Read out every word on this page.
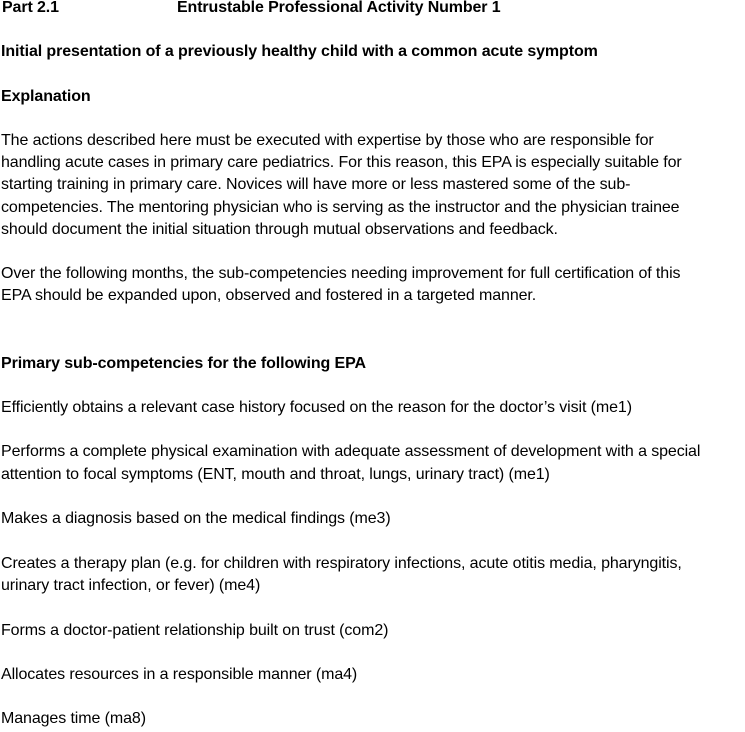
Part 2.1	Entrustable Professional Activity Number 1
Initial presentation of a previously healthy child with a common acute symptom
Explanation
The actions described here must be executed with expertise by those who are responsible for
handling acute cases in primary care pediatrics. For this reason, this EPA is especially suitable for
starting training in primary care. Novices will have more or less mastered some of the sub-
competencies. The mentoring physician who is serving as the instructor and the physician trainee
should document the initial situation through mutual observations and feedback.
Over the following months, the sub-competencies needing improvement for full certification of this
EPA should be expanded upon, observed and fostered in a targeted manner.
Primary sub-competencies for the following EPA
Efficiently obtains a relevant case history focused on the reason for the doctor’s visit (me1)
Performs a complete physical examination with adequate assessment of development with a special
attention to focal symptoms (ENT, mouth and throat, lungs, urinary tract) (me1)
Makes a diagnosis based on the medical findings (me3)
Creates a therapy plan (e.g. for children with respiratory infections, acute otitis media, pharyngitis,
urinary tract infection, or fever) (me4)
Forms a doctor-patient relationship built on trust (com2)
Allocates resources in a responsible manner (ma4)
Manages time (ma8)
